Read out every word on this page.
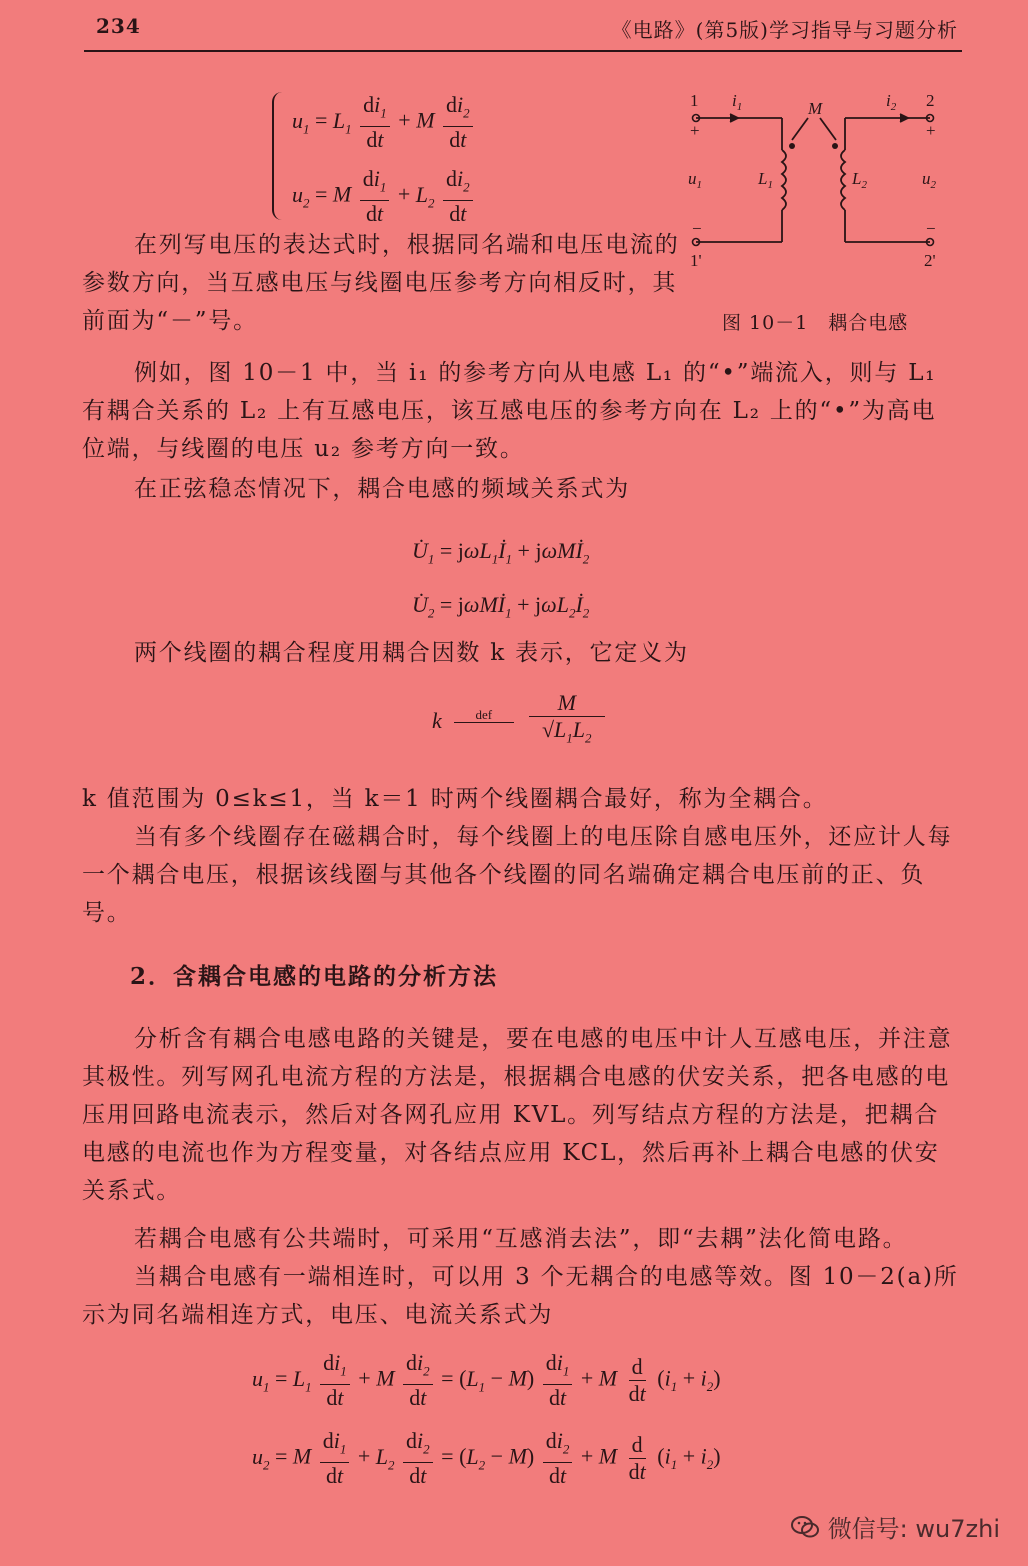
234	《电路》(第5版)学习指导与习题分析
$u_1 = L_1 \frac{di_1}{dt} + M \frac{di_2}{dt}$
$u_2 = M \frac{di_1}{dt} + L_2 \frac{di_2}{dt}$
1 $i_1$	M	$i_2$ 2
+	+
$u_1$	$L_1$	$L_2$	$u_2$
−	−
1'	2'
图 10－1　耦合电感
在列写电压的表达式时，根据同名端和电压电流的参数方向，当互感电压与线圈电压参考方向相反时，其前面为“－”号。
例如，图 10－1 中，当 i₁ 的参考方向从电感 L₁ 的“•”端流入，则与 L₁ 有耦合关系的 L₂ 上有互感电压，该互感电压的参考方向在 L₂ 上的“•”为高电位端，与线圈的电压 u₂ 参考方向一致。
在正弦稳态情况下，耦合电感的频域关系式为
$U̇_1$ = $j\omega L_1İ_1$ + $j\omega Mİ_2$
$U̇_2$ = $j\omega Mİ_1$ + $j\omega L_2İ_2$
两个线圈的耦合程度用耦合因数 k 表示，它定义为
k	def $\frac{M}{√L_1L_2}$
k 值范围为 0≤k≤1，当 k＝1 时两个线圈耦合最好，称为全耦合。
当有多个线圈存在磁耦合时，每个线圈上的电压除自感电压外，还应计人每一个耦合电压，根据该线圈与其他各个线圈的同名端确定耦合电压前的正、负号。
2．含耦合电感的电路的分析方法
分析含有耦合电感电路的关键是，要在电感的电压中计人互感电压，并注意其极性。列写网孔电流方程的方法是，根据耦合电感的伏安关系，把各电感的电压用回路电流表示，然后对各网孔应用 KVL。列写结点方程的方法是，把耦合电感的电流也作为方程变量，对各结点应用 KCL，然后再补上耦合电感的伏安关系式。
若耦合电感有公共端时，可采用“互感消去法”，即“去耦”法化简电路。
当耦合电感有一端相连时，可以用 3 个无耦合的电感等效。图 10－2(a)所示为同名端相连方式，电压、电流关系式为
$u_1 = L_1 \frac{di_1}{dt} + M \frac{di_2}{dt} = (L_1 - M) \frac{di_1}{dt} + M \frac{d}{dt} (i_1 + i_2)$
$u_2 = M \frac{di_1}{dt} + L_2 \frac{di_2}{dt} = (L_2 - M) \frac{di_2}{dt} + M \frac{d}{dt} (i_1 + i_2)$
微信号: wu7zhi
